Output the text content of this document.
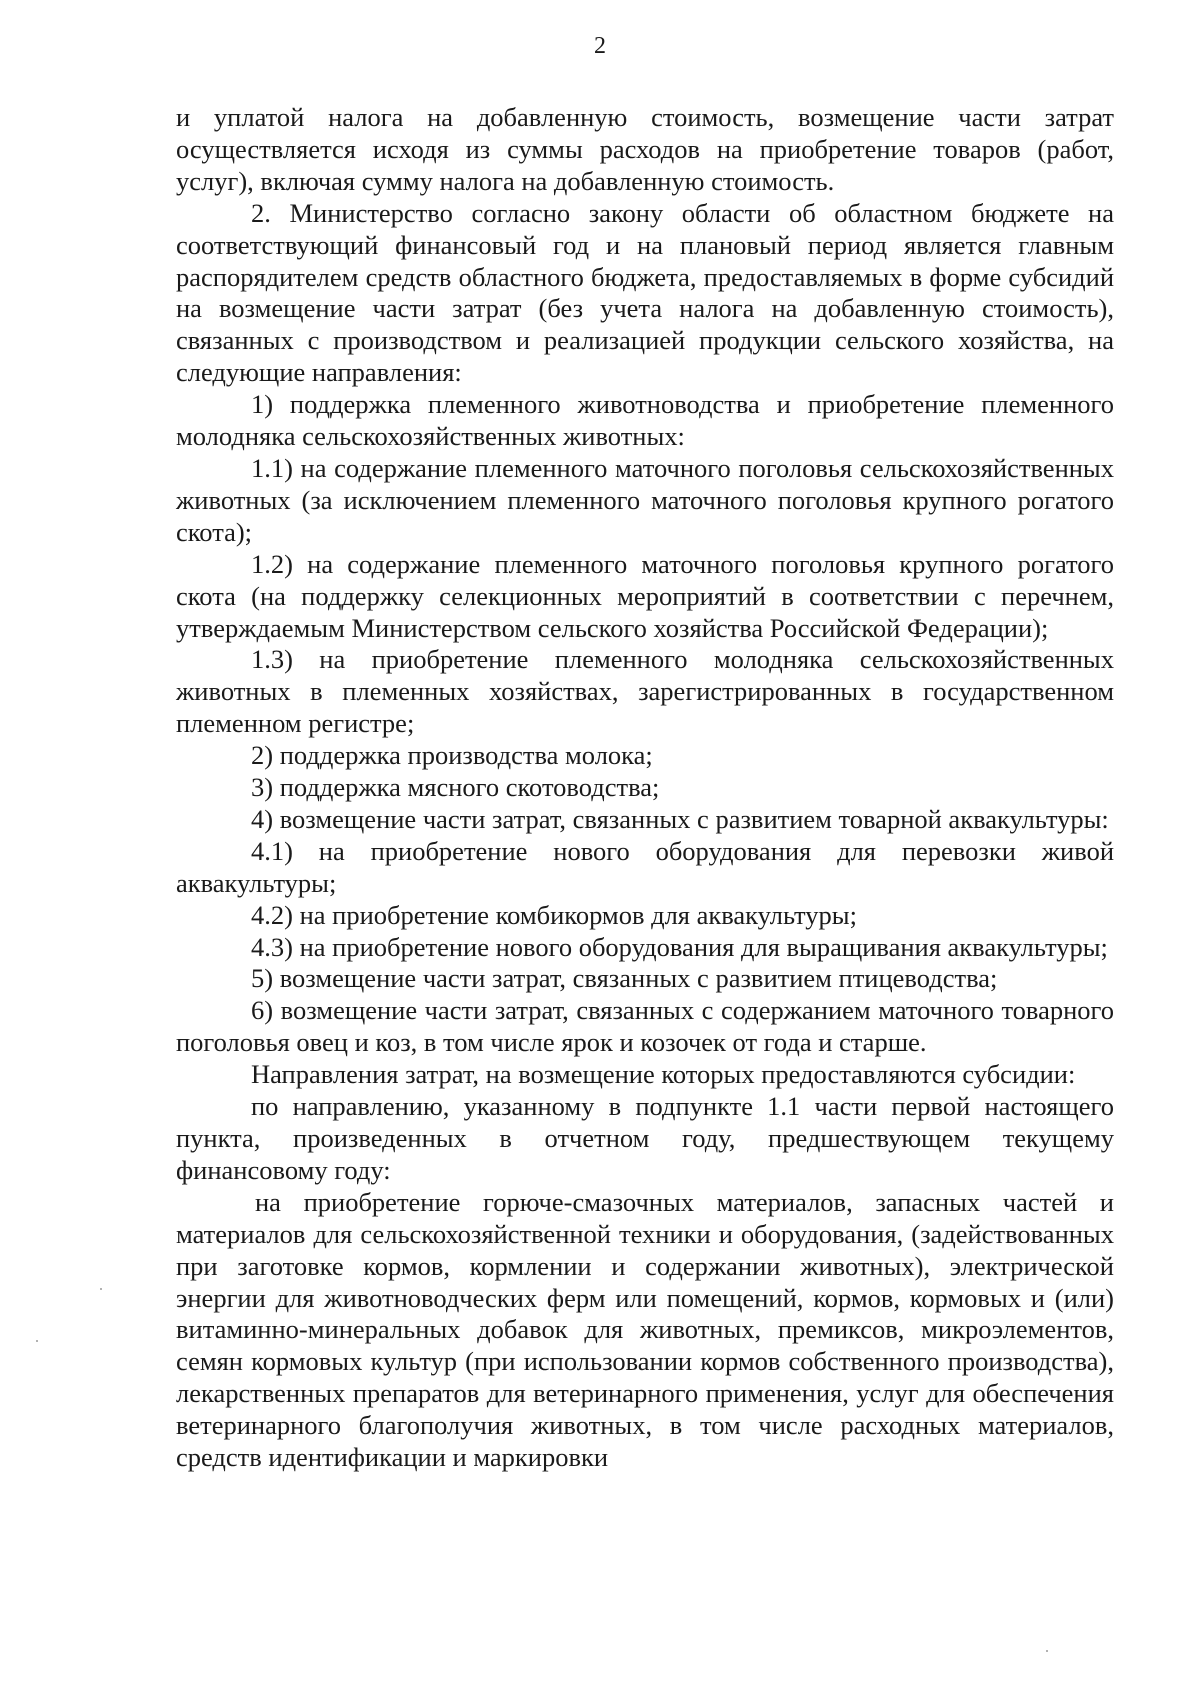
2

и уплатой налога на добавленную стоимость, возмещение части затрат осуществляется исходя из суммы расходов на приобретение товаров (работ, услуг), включая сумму налога на добавленную стоимость.

2. Министерство согласно закону области об областном бюджете на соответствующий финансовый год и на плановый период является главным распорядителем средств областного бюджета, предоставляемых в форме субсидий на возмещение части затрат (без учета налога на добавленную стоимость), связанных с производством и реализацией продукции сельского хозяйства, на следующие направления:

1) поддержка племенного животноводства и приобретение племенного молодняка сельскохозяйственных животных:

1.1) на содержание племенного маточного поголовья сельскохозяйственных животных (за исключением племенного маточного поголовья крупного рогатого скота);

1.2) на содержание племенного маточного поголовья крупного рогатого скота (на поддержку селекционных мероприятий в соответствии с перечнем, утверждаемым Министерством сельского хозяйства Российской Федерации);

1.3) на приобретение племенного молодняка сельскохозяйственных животных в племенных хозяйствах, зарегистрированных в государственном племенном регистре;

2) поддержка производства молока;

3) поддержка мясного скотоводства;

4) возмещение части затрат, связанных с развитием товарной аквакультуры:

4.1) на приобретение нового оборудования для перевозки живой аквакультуры;

4.2) на приобретение комбикормов для аквакультуры;

4.3) на приобретение нового оборудования для выращивания аквакультуры;

5) возмещение части затрат, связанных с развитием птицеводства;

6) возмещение части затрат, связанных с содержанием маточного товарного поголовья овец и коз, в том числе ярок и козочек от года и старше.

Направления затрат, на возмещение которых предоставляются субсидии:

по направлению, указанному в подпункте 1.1 части первой настоящего пункта, произведенных в отчетном году, предшествующем текущему финансовому году:

на приобретение горюче-смазочных материалов, запасных частей и материалов для сельскохозяйственной техники и оборудования, (задействованных при заготовке кормов, кормлении и содержании животных), электрической энергии для животноводческих ферм или помещений, кормов, кормовых и (или) витаминно-минеральных добавок для животных, премиксов, микроэлементов, семян кормовых культур (при использовании кормов собственного производства), лекарственных препаратов для ветеринарного применения, услуг для обеспечения ветеринарного благополучия животных, в том числе расходных материалов, средств идентификации и маркировки
